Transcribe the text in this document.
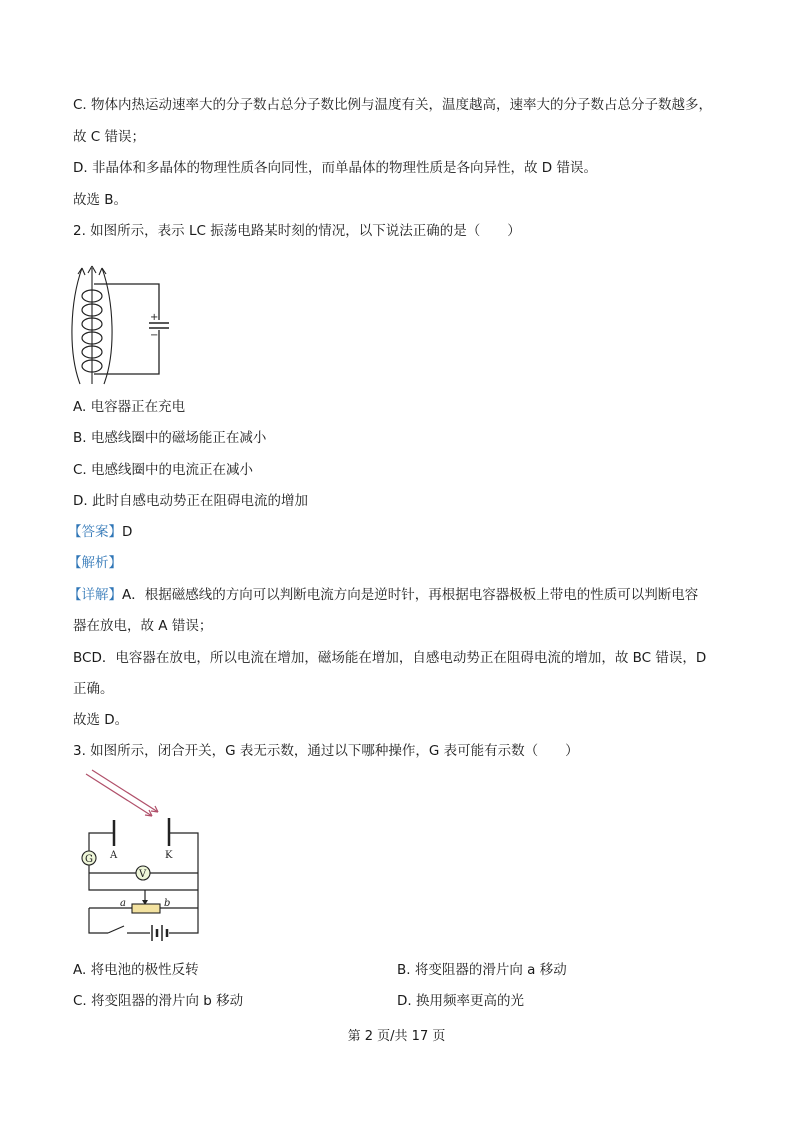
C. 物体内热运动速率大的分子数占总分子数比例与温度有关，温度越高，速率大的分子数占总分子数越多，
故 C 错误；
D. 非晶体和多晶体的物理性质各向同性，而单晶体的物理性质是各向异性，故 D 错误。
故选 B。
2. 如图所示，表示 LC 振荡电路某时刻的情况，以下说法正确的是（　　）
+
−
A. 电容器正在充电
B. 电感线圈中的磁场能正在减小
C. 电感线圈中的电流正在减小
D. 此时自感电动势正在阻碍电流的增加
【答案】D
【解析】
【详解】A．根据磁感线的方向可以判断电流方向是逆时针，再根据电容器极板上带电的性质可以判断电容
器在放电，故 A 错误；
BCD．电容器在放电，所以电流在增加，磁场能在增加，自感电动势正在阻碍电流的增加，故 BC 错误，D
正确。
故选 D。
3. 如图所示，闭合开关，G 表无示数，通过以下哪种操作，G 表可能有示数（　　）
G A	K
V
a	b
A. 将电池的极性反转	B. 将变阻器的滑片向 a 移动
C. 将变阻器的滑片向 b 移动	D. 换用频率更高的光
第 2 页/共 17 页
